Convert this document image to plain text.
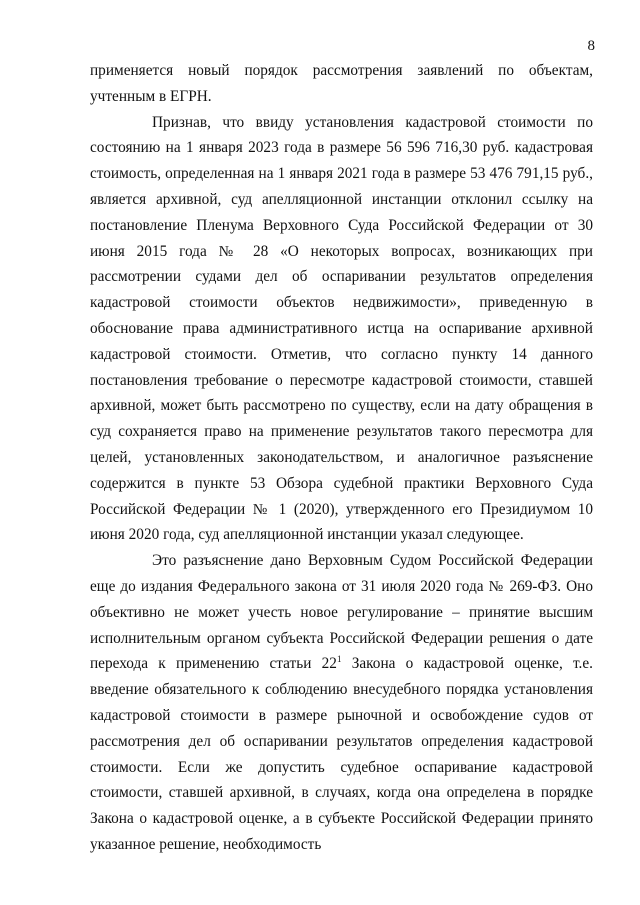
8

применяется новый порядок рассмотрения заявлений по объектам, учтенным в ЕГРН.

Признав, что ввиду установления кадастровой стоимости по состоянию на 1 января 2023 года в размере 56 596 716,30 руб. кадастровая стоимость, определенная на 1 января 2021 года в размере 53 476 791,15 руб., является архивной, суд апелляционной инстанции отклонил ссылку на постановление Пленума Верховного Суда Российской Федерации от 30 июня 2015 года № 28 «О некоторых вопросах, возникающих при рассмотрении судами дел об оспаривании результатов определения кадастровой стоимости объектов недвижимости», приведенную в обоснование права административного истца на оспаривание архивной кадастровой стоимости. Отметив, что согласно пункту 14 данного постановления требование о пересмотре кадастровой стоимости, ставшей архивной, может быть рассмотрено по существу, если на дату обращения в суд сохраняется право на применение результатов такого пересмотра для целей, установленных законодательством, и аналогичное разъяснение содержится в пункте 53 Обзора судебной практики Верховного Суда Российской Федерации № 1 (2020), утвержденного его Президиумом 10 июня 2020 года, суд апелляционной инстанции указал следующее.

Это разъяснение дано Верховным Судом Российской Федерации еще до издания Федерального закона от 31 июля 2020 года № 269-ФЗ. Оно объективно не может учесть новое регулирование – принятие высшим исполнительным органом субъекта Российской Федерации решения о дате перехода к применению статьи $22^1$ Закона о кадастровой оценке, т.е. введение обязательного к соблюдению внесудебного порядка установления кадастровой стоимости в размере рыночной и освобождение судов от рассмотрения дел об оспаривании результатов определения кадастровой стоимости. Если же допустить судебное оспаривание кадастровой стоимости, ставшей архивной, в случаях, когда она определена в порядке Закона о кадастровой оценке, а в субъекте Российской Федерации принято указанное решение, необходимость
